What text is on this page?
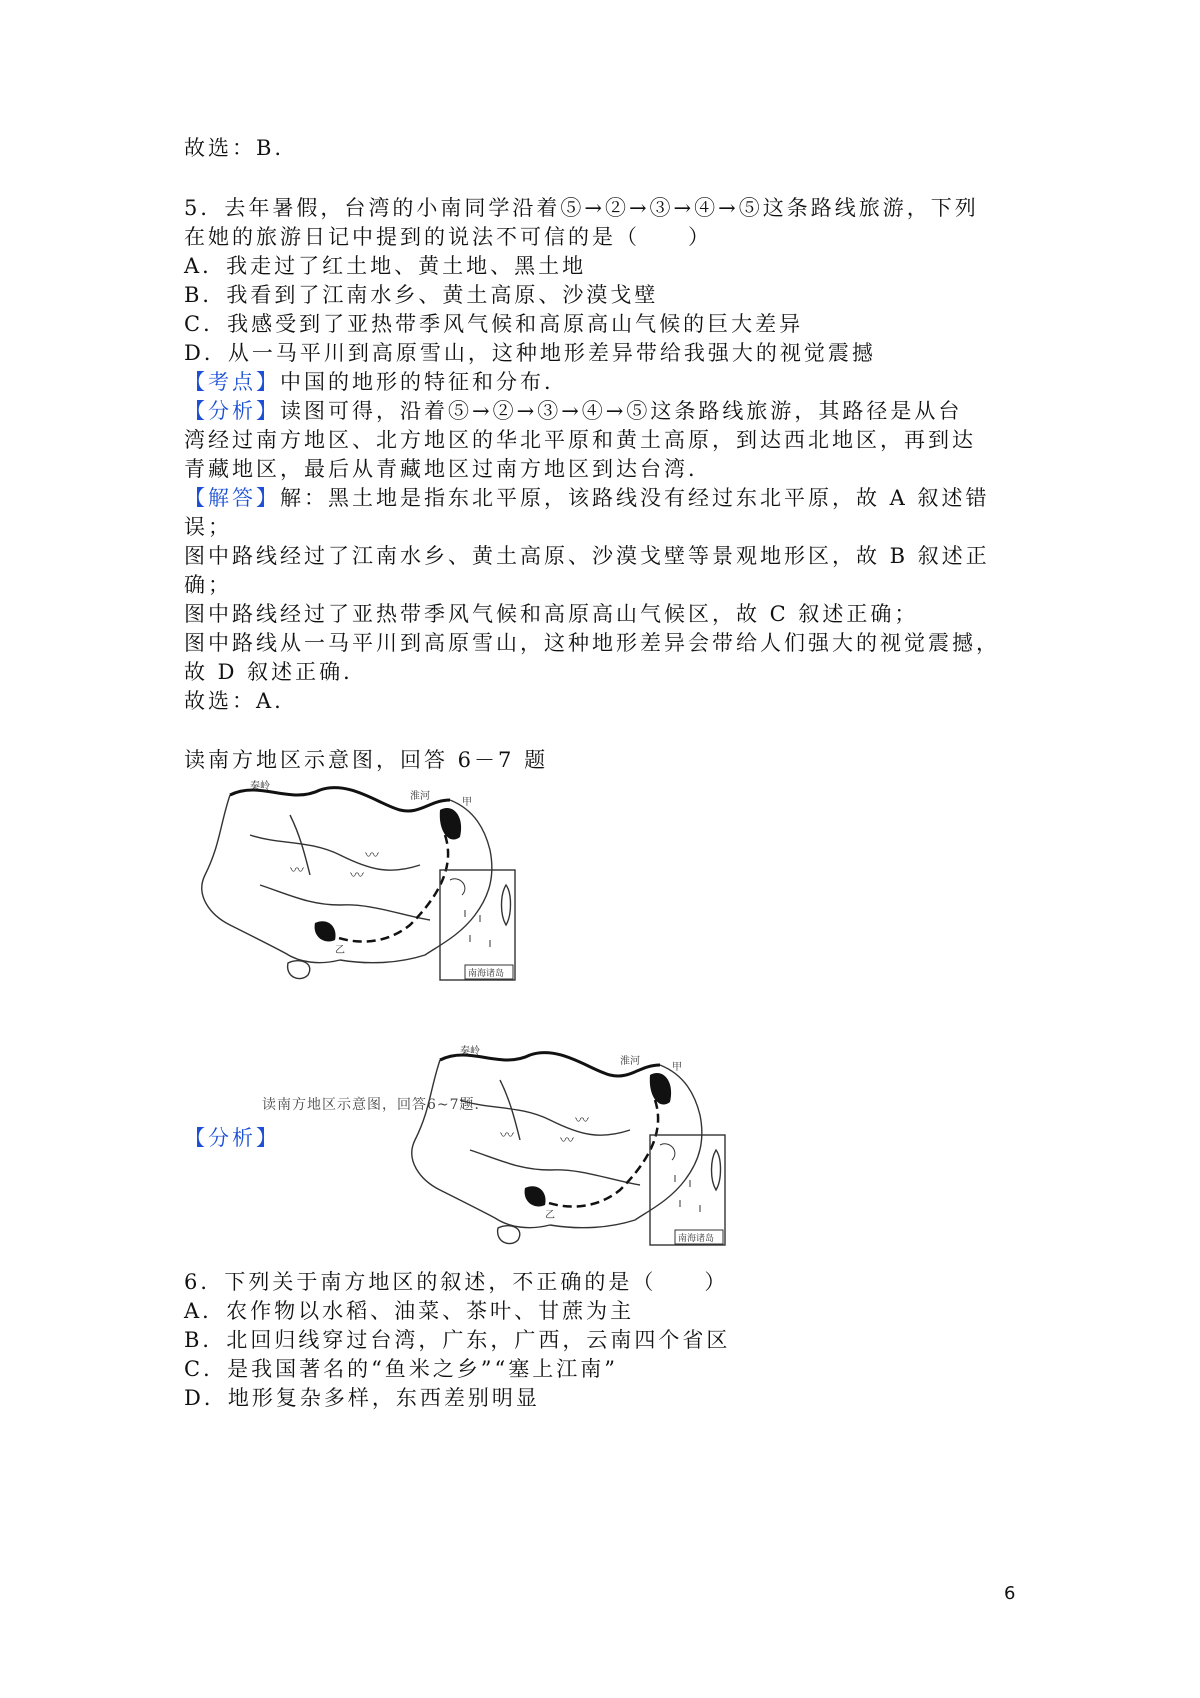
故选：B.
5．去年暑假，台湾的小南同学沿着⑤→②→③→④→⑤这条路线旅游，下列
在她的旅游日记中提到的说法不可信的是（　　）
A．我走过了红土地、黄土地、黑土地
B．我看到了江南水乡、黄土高原、沙漠戈壁
C．我感受到了亚热带季风气候和高原高山气候的巨大差异
D．从一马平川到高原雪山，这种地形差异带给我强大的视觉震撼
【考点】中国的地形的特征和分布．
【分析】读图可得，沿着⑤→②→③→④→⑤这条路线旅游，其路径是从台
湾经过南方地区、北方地区的华北平原和黄土高原，到达西北地区，再到达
青藏地区，最后从青藏地区过南方地区到达台湾．
【解答】解：黑土地是指东北平原，该路线没有经过东北平原，故 A 叙述错
误；
图中路线经过了江南水乡、黄土高原、沙漠戈壁等景观地形区，故 B 叙述正
确；
图中路线经过了亚热带季风气候和高原高山气候区，故 C 叙述正确；
图中路线从一马平川到高原雪山，这种地形差异会带给人们强大的视觉震撼，
故 D 叙述正确．
故选：A.
读南方地区示意图，回答 6－7 题
〰	〰
〰
秦岭
淮河
甲
乙
南海诸岛
读南方地区示意图，回答6~7题．
【分析】	〰	〰
〰
秦岭
淮河
甲
乙
南海诸岛
6．下列关于南方地区的叙述，不正确的是（　　）
A．农作物以水稻、油菜、茶叶、甘蔗为主
B．北回归线穿过台湾，广东，广西，云南四个省区
C．是我国著名的“鱼米之乡”“塞上江南”
D．地形复杂多样，东西差别明显
6
